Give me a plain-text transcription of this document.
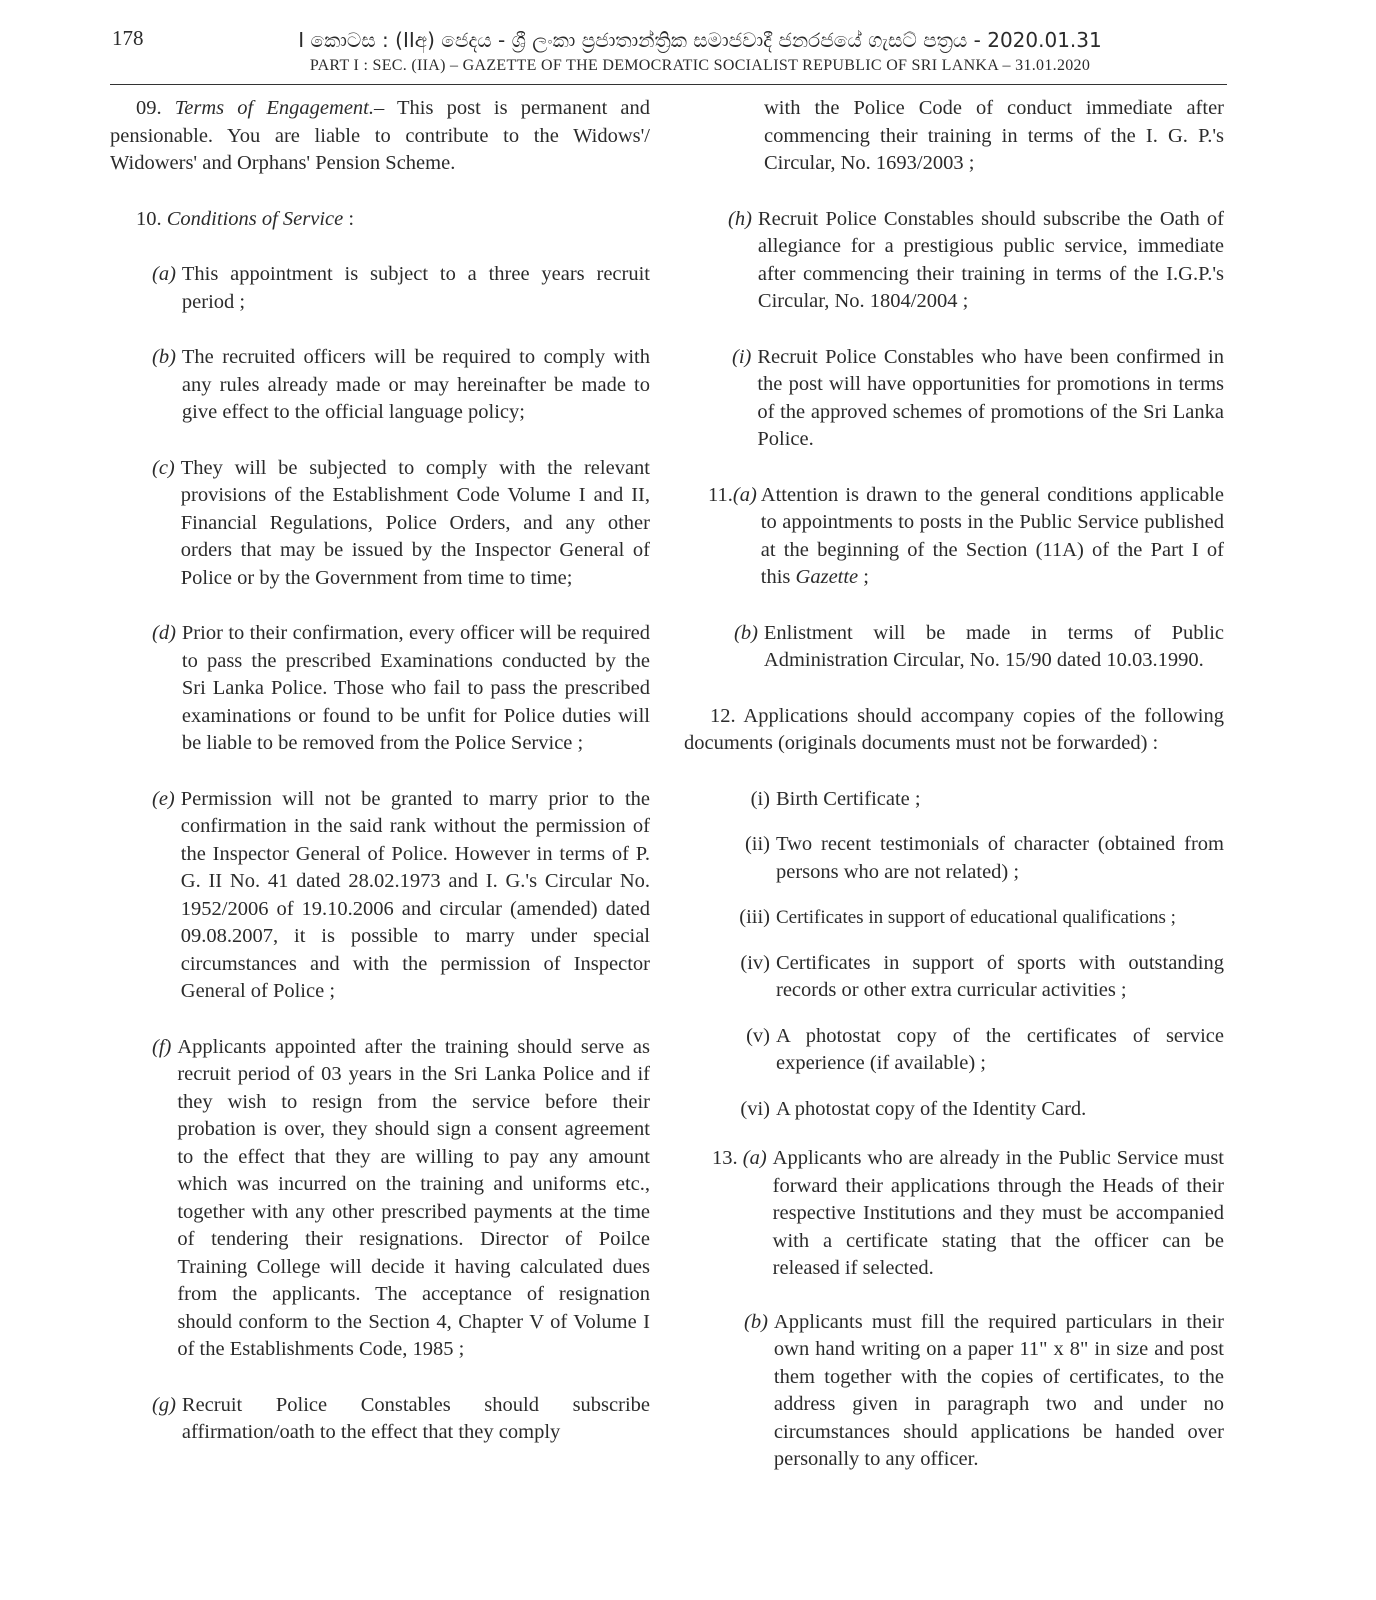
178	I කොටස : (IIඅ) ජෙදය - ශ්‍රී ලංකා ප්‍රජාතාන්ත්‍රික සමාජවාදී ජනරජයේ ගැසට් පත්‍රය - 2020.01.31
PART I : SEC. (IIA) – GAZETTE OF THE DEMOCRATIC SOCIALIST REPUBLIC OF SRI LANKA – 31.01.2020

09. Terms of Engagement.– This post is permanent and pensionable. You are liable to contribute to the Widows'/ Widowers' and Orphans' Pension Scheme.

10. Conditions of Service :

(a) This appointment is subject to a three years recruit period ;
(b) The recruited officers will be required to comply with any rules already made or may hereinafter be made to give effect to the official language policy;
(c) They will be subjected to comply with the relevant provisions of the Establishment Code Volume I and II, Financial Regulations, Police Orders, and any other orders that may be issued by the Inspector General of Police or by the Government from time to time;
(d) Prior to their confirmation, every officer will be required to pass the prescribed Examinations conducted by the Sri Lanka Police. Those who fail to pass the prescribed examinations or found to be unfit for Police duties will be liable to be removed from the Police Service ;
(e) Permission will not be granted to marry prior to the confirmation in the said rank without the permission of the Inspector General of Police. However in terms of P. G. II No. 41 dated 28.02.1973 and I. G.'s Circular No. 1952/2006 of 19.10.2006 and circular (amended) dated 09.08.2007, it is possible to marry under special circumstances and with the permission of Inspector General of Police ;
(f) Applicants appointed after the training should serve as recruit period of 03 years in the Sri Lanka Police and if they wish to resign from the service before their probation is over, they should sign a consent agreement to the effect that they are willing to pay any amount which was incurred on the training and uniforms etc., together with any other prescribed payments at the time of tendering their resignations. Director of Poilce Training College will decide it having calculated dues from the applicants. The acceptance of resignation should conform to the Section 4, Chapter V of Volume I of the Establishments Code, 1985 ;
(g) Recruit Police Constables should subscribe affirmation/oath to the effect that they comply
with the Police Code of conduct immediate after commencing their training in terms of the I. G. P.'s Circular, No. 1693/2003 ;
(h) Recruit Police Constables should subscribe the Oath of allegiance for a prestigious public service, immediate after commencing their training in terms of the I.G.P.'s Circular, No. 1804/2004 ;
(i) Recruit Police Constables who have been confirmed in the post will have opportunities for promotions in terms of the approved schemes of promotions of the Sri Lanka Police.
11.(a) Attention is drawn to the general conditions applicable to appointments to posts in the Public Service published at the beginning of the Section (11A) of the Part I of this Gazette ;
(b) Enlistment will be made in terms of Public Administration Circular, No. 15/90 dated 10.03.1990.

12. Applications should accompany copies of the following documents (originals documents must not be forwarded) :

(i) Birth Certificate ;
(ii) Two recent testimonials of character (obtained from persons who are not related) ;
(iii) Certificates in support of educational qualifications ;
(iv) Certificates in support of sports with outstanding records or other extra curricular activities ;
(v) A photostat copy of the certificates of service experience (if available) ;
(vi) A photostat copy of the Identity Card.
13. (a) Applicants who are already in the Public Service must forward their applications through the Heads of their respective Institutions and they must be accompanied with a certificate stating that the officer can be released if selected.
(b) Applicants must fill the required particulars in their own hand writing on a paper 11" x 8" in size and post them together with the copies of certificates, to the address given in paragraph two and under no circumstances should applications be handed over personally to any officer.
